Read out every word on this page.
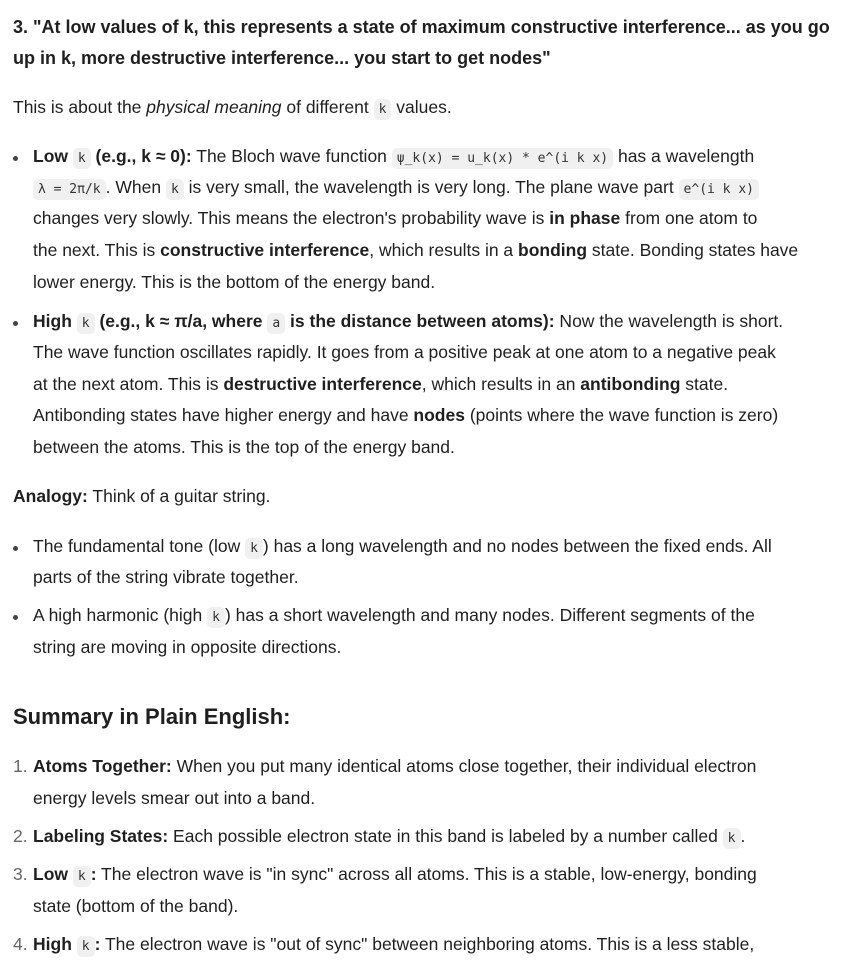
3. "At low values of k, this represents a state of maximum constructive interference... as you go
up in k, more destructive interference... you start to get nodes"
This is about the physical meaning of different k values.
Low k (e.g., k ≈ 0): The Bloch wave function ψ_k(x) = u_k(x) * e^(i k x) has a wavelength
λ = 2π/k . When k is very small, the wavelength is very long. The plane wave part e^(i k x)
changes very slowly. This means the electron's probability wave is in phase from one atom to
the next. This is constructive interference, which results in a bonding state. Bonding states have
lower energy. This is the bottom of the energy band.
High k (e.g., k ≈ π/a, where a is the distance between atoms): Now the wavelength is short.
The wave function oscillates rapidly. It goes from a positive peak at one atom to a negative peak
at the next atom. This is destructive interference, which results in an antibonding state.
Antibonding states have higher energy and have nodes (points where the wave function is zero)
between the atoms. This is the top of the energy band.
Analogy: Think of a guitar string.
The fundamental tone (low k ) has a long wavelength and no nodes between the fixed ends. All
parts of the string vibrate together.
A high harmonic (high k ) has a short wavelength and many nodes. Different segments of the
string are moving in opposite directions.
Summary in Plain English:
1. Atoms Together: When you put many identical atoms close together, their individual electron
energy levels smear out into a band.
2. Labeling States: Each possible electron state in this band is labeled by a number called k .
3. Low k : The electron wave is "in sync" across all atoms. This is a stable, low-energy, bonding
state (bottom of the band).
4. High k : The electron wave is "out of sync" between neighboring atoms. This is a less stable,
